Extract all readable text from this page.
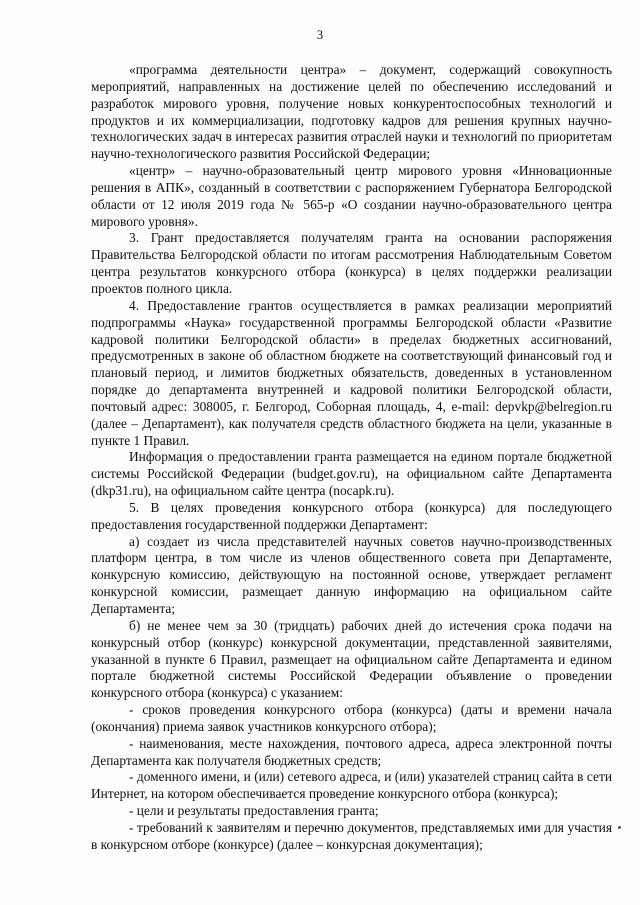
3

«программа деятельности центра» – документ, содержащий совокупность мероприятий, направленных на достижение целей по обеспечению исследований и разработок мирового уровня, получение новых конкурентоспособных технологий и продуктов и их коммерциализации, подготовку кадров для решения крупных научно-технологических задач в интересах развития отраслей науки и технологий по приоритетам научно-технологического развития Российской Федерации;

«центр» – научно-образовательный центр мирового уровня «Инновационные решения в АПК», созданный в соответствии с распоряжением Губернатора Белгородской области от 12 июля 2019 года № 565-р «О создании научно-образовательного центра мирового уровня».

3. Грант предоставляется получателям гранта на основании распоряжения Правительства Белгородской области по итогам рассмотрения Наблюдательным Советом центра результатов конкурсного отбора (конкурса) в целях поддержки реализации проектов полного цикла.

4. Предоставление грантов осуществляется в рамках реализации мероприятий подпрограммы «Наука» государственной программы Белгородской области «Развитие кадровой политики Белгородской области» в пределах бюджетных ассигнований, предусмотренных в законе об областном бюджете на соответствующий финансовый год и плановый период, и лимитов бюджетных обязательств, доведенных в установленном порядке до департамента внутренней и кадровой политики Белгородской области, почтовый адрес: 308005, г. Белгород, Соборная площадь, 4, e-mail: depvkp@belregion.ru (далее – Департамент), как получателя средств областного бюджета на цели, указанные в пункте 1 Правил.

Информация о предоставлении гранта размещается на едином портале бюджетной системы Российской Федерации (budget.gov.ru), на официальном сайте Департамента (dkp31.ru), на официальном сайте центра (nocapk.ru).

5. В целях проведения конкурсного отбора (конкурса) для последующего предоставления государственной поддержки Департамент:

а) создает из числа представителей научных советов научно-производственных платформ центра, в том числе из членов общественного совета при Департаменте, конкурсную комиссию, действующую на постоянной основе, утверждает регламент конкурсной комиссии, размещает данную информацию на официальном сайте Департамента;

б) не менее чем за 30 (тридцать) рабочих дней до истечения срока подачи на конкурсный отбор (конкурс) конкурсной документации, представленной заявителями, указанной в пункте 6 Правил, размещает на официальном сайте Департамента и едином портале бюджетной системы Российской Федерации объявление о проведении конкурсного отбора (конкурса) с указанием:

- сроков проведения конкурсного отбора (конкурса) (даты и времени начала (окончания) приема заявок участников конкурсного отбора);

- наименования, месте нахождения, почтового адреса, адреса электронной почты Департамента как получателя бюджетных средств;

- доменного имени, и (или) сетевого адреса, и (или) указателей страниц сайта в сети Интернет, на котором обеспечивается проведение конкурсного отбора (конкурса);

- цели и результаты предоставления гранта;

- требований к заявителям и перечню документов, представляемых ими для участия в конкурсном отборе (конкурсе) (далее – конкурсная документация);
